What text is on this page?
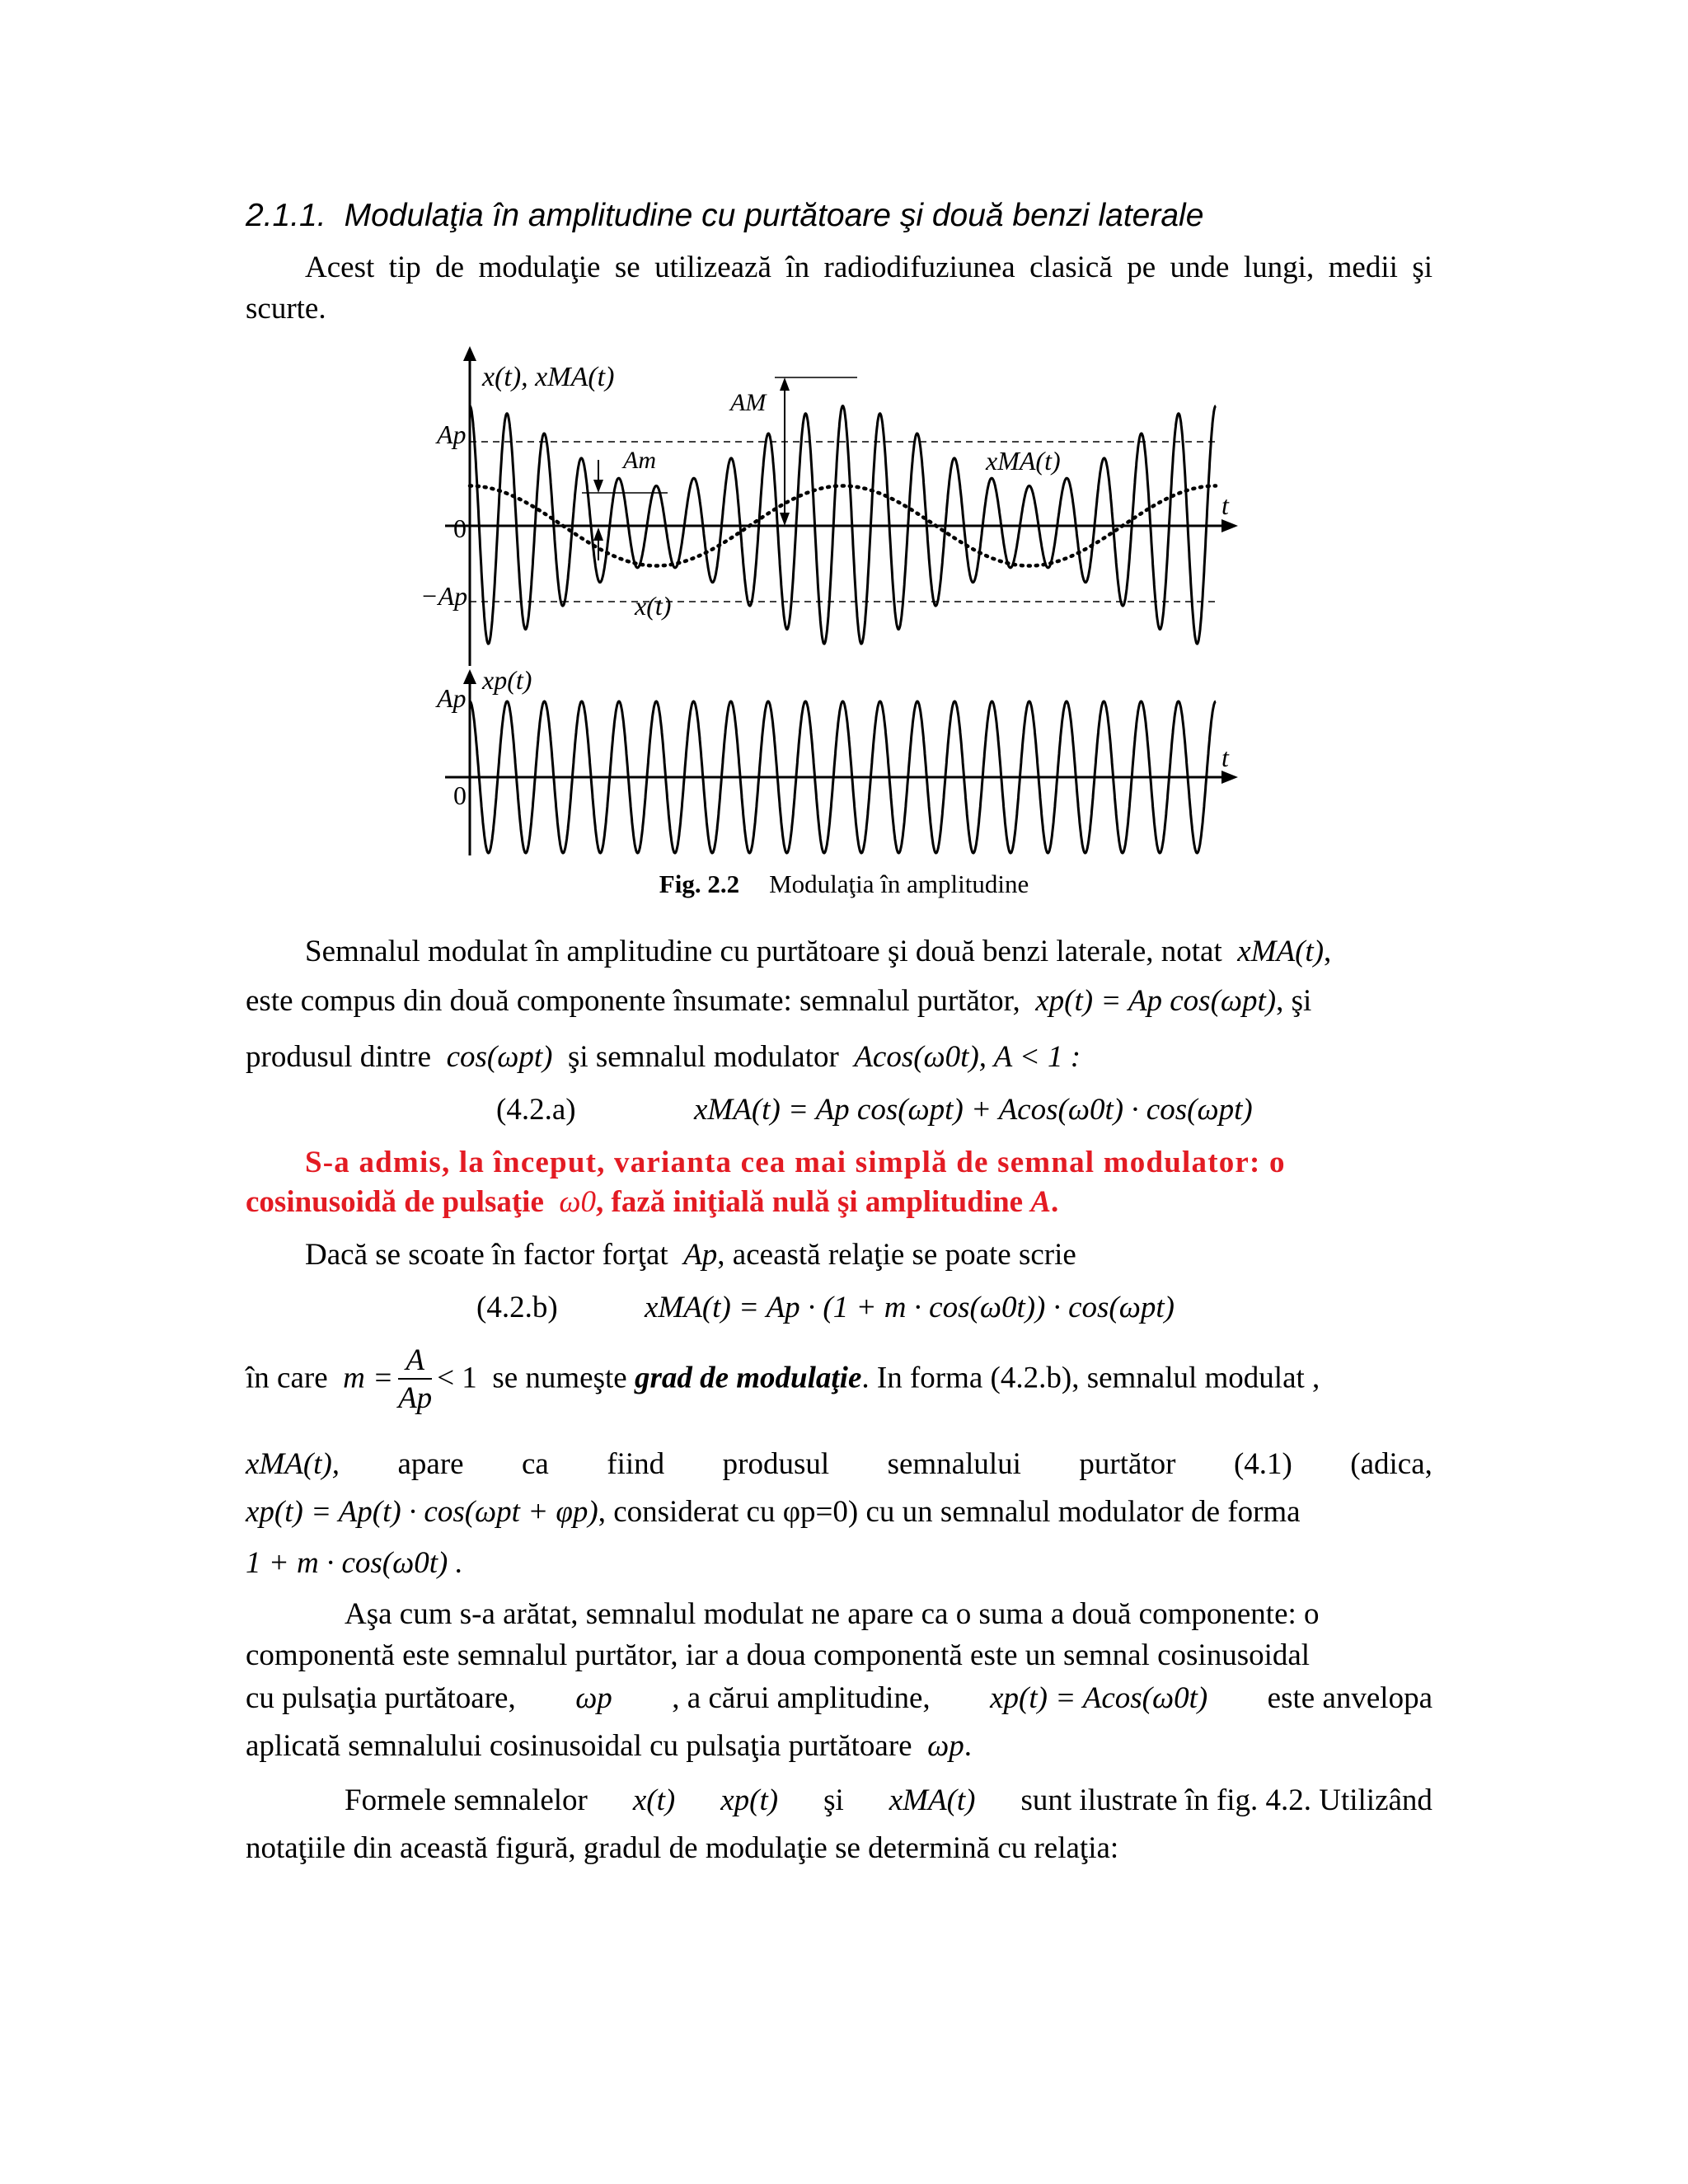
2.1.1. Modulaţia în amplitudine cu purtătoare şi două benzi laterale
Acest tip de modulaţie se utilizează în radiodifuziunea clasică pe unde lungi, medii şi scurte.
x(t), xMA(t)
Ap
0
−Ap
AM
Am	xMA(t)
x(t)
t
xp(t)
Ap
0
t
Fig. 2.2 Modulaţia în amplitudine
Semnalul modulat în amplitudine cu purtătoare şi două benzi laterale, notat xMA(t),
este compus din două componente însumate: semnalul purtător, xp(t) = Ap cos(ωpt), şi
produsul dintre cos(ωpt) şi semnalul modulator Acos(ω0t), A < 1 :
(4.2.a)	xMA(t) = Ap cos(ωpt) + Acos(ω0t) · cos(ωpt)
S-a admis, la început, varianta cea mai simplă de semnal modulator: o
cosinusoidă de pulsaţie ω0, fază iniţială nulă şi amplitudine A.
Dacă se scoate în factor forţat Ap, această relaţie se poate scrie
(4.2.b)	xMA(t) = Ap · (1 + m · cos(ω0t)) · cos(ωpt)
în care $m = \frac{A}{Ap} < 1$ se numeşte grad de modulaţie. In forma (4.2.b), semnalul modulat ,
xMA(t), apare ca fiind produsul semnalului purtător (4.1) (adica,
xp(t) = Ap(t) · cos(ωpt + φp), considerat cu φp=0) cu un semnalul modulator de forma
1 + m · cos(ω0t) .
Aşa cum s-a arătat, semnalul modulat ne apare ca o suma a două componente: o
componentă este semnalul purtător, iar a doua componentă este un semnal cosinusoidal
cu pulsaţia purtătoare, ωp , a cărui amplitudine, xp(t) = Acos(ω0t) este anvelopa
aplicată semnalului cosinusoidal cu pulsaţia purtătoare ωp.
Formele semnalelor x(t) xp(t) şi xMA(t) sunt ilustrate în fig. 4.2. Utilizând
notaţiile din această figură, gradul de modulaţie se determină cu relaţia:
